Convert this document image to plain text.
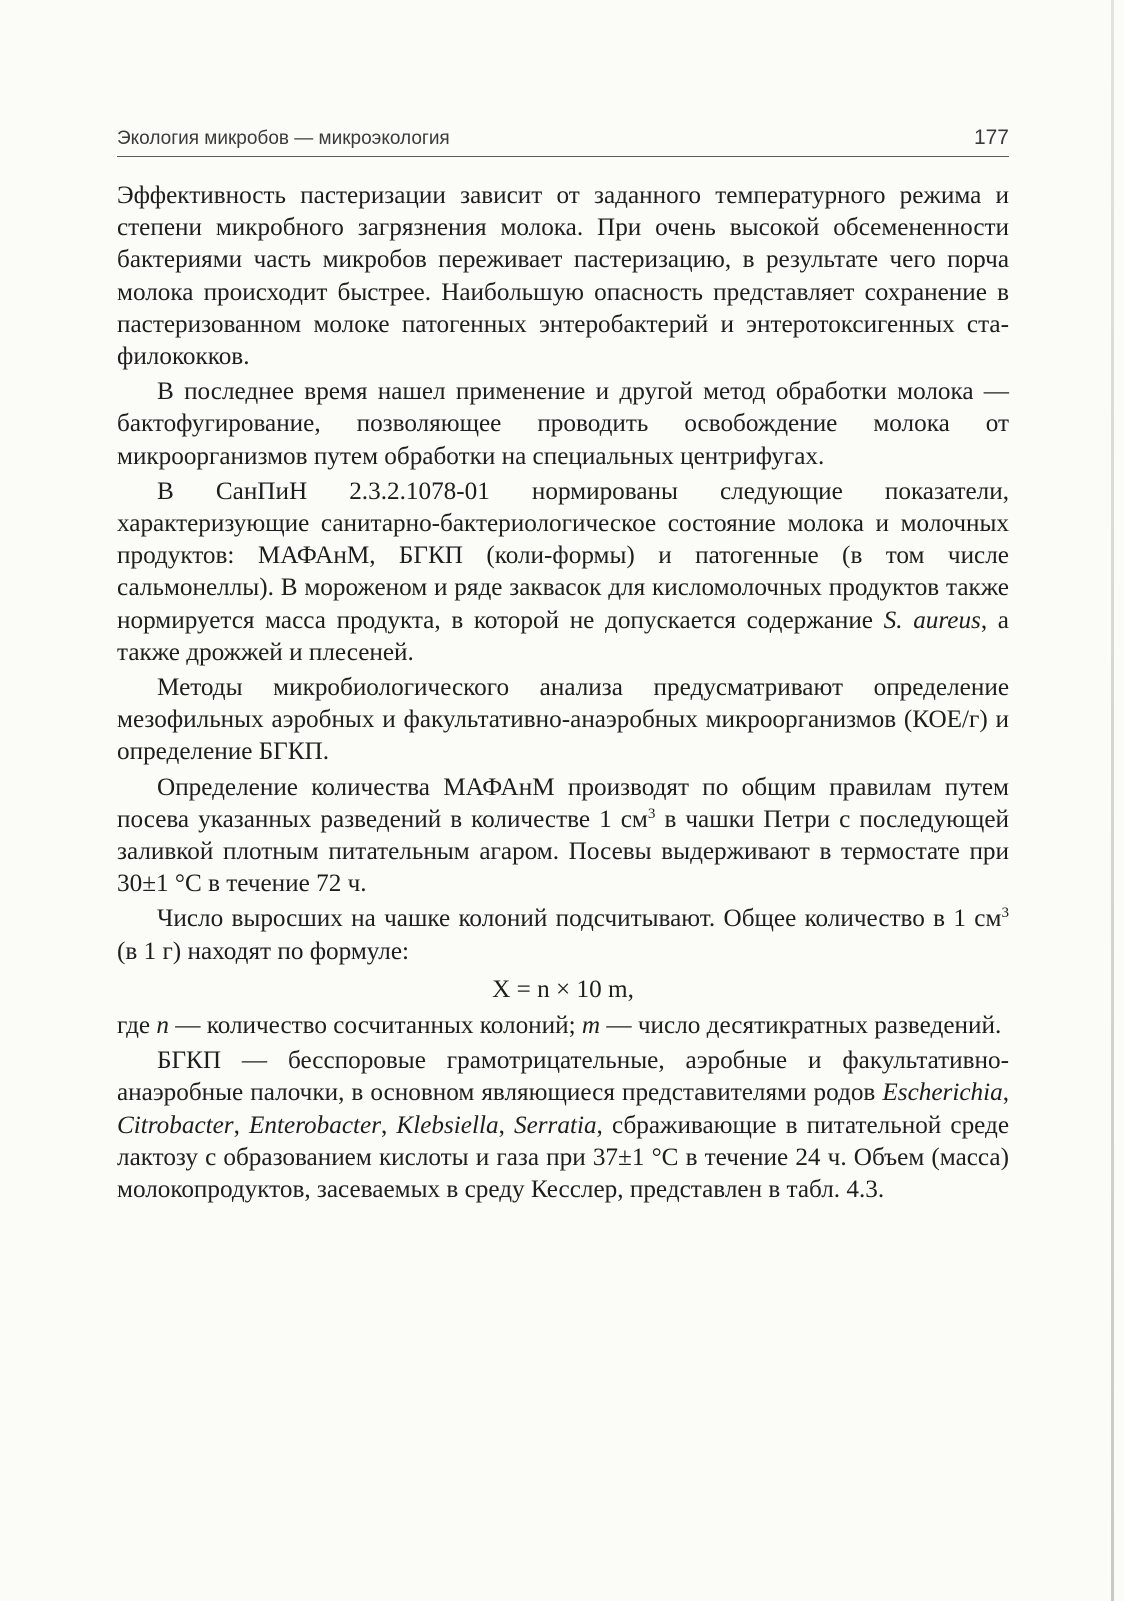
Экология микробов — микроэкология	177

Эффективность пастеризации зависит от заданного температурного режима и степени микробного загрязнения молока. При очень высокой обсемененности бактериями часть микробов переживает пастеризацию, в результате чего порча молока происходит быстрее. Наибольшую опасность представляет сохранение в пастеризованном молоке патогенных энтеробактерий и энтеротоксигенных стафилококков.

В последнее время нашел применение и другой метод обработки молока — бактофугирование, позволяющее проводить освобождение молока от микроорганизмов путем обработки на специальных центрифугах.

В СанПиН 2.3.2.1078-01 нормированы следующие показатели, характеризующие санитарно-бактериологическое состояние молока и молочных продуктов: МАФАнМ, БГКП (коли-формы) и патогенные (в том числе сальмонеллы). В мороженом и ряде заквасок для кисломолочных продуктов также нормируется масса продукта, в которой не допускается содержание S. aureus, а также дрожжей и плесеней.

Методы микробиологического анализа предусматривают определение мезофильных аэробных и факультативно-анаэробных микроорганизмов (КОЕ/г) и определение БГКП.

Определение количества МАФАнМ производят по общим правилам путем посева указанных разведений в количестве 1 $см^3$ в чашки Петри с последующей заливкой плотным питательным агаром. Посевы выдерживают в термостате при 30±1 °С в течение 72 ч.

Число выросших на чашке колоний подсчитывают. Общее количество в 1 $см^3$ (в 1 г) находят по формуле:

X = n × 10 m,

где n — количество сосчитанных колоний; m — число десятикратных разведений.

БГКП — бесспоровые грамотрицательные, аэробные и факультативно-анаэробные палочки, в основном являющиеся представителями родов Escherichia, Citrobacter, Enterobacter, Klebsiella, Serratia, сбраживающие в питательной среде лактозу с образованием кислоты и газа при 37±1 °С в течение 24 ч. Объем (масса) молокопродуктов, засеваемых в среду Кесслер, представлен в табл. 4.3.
